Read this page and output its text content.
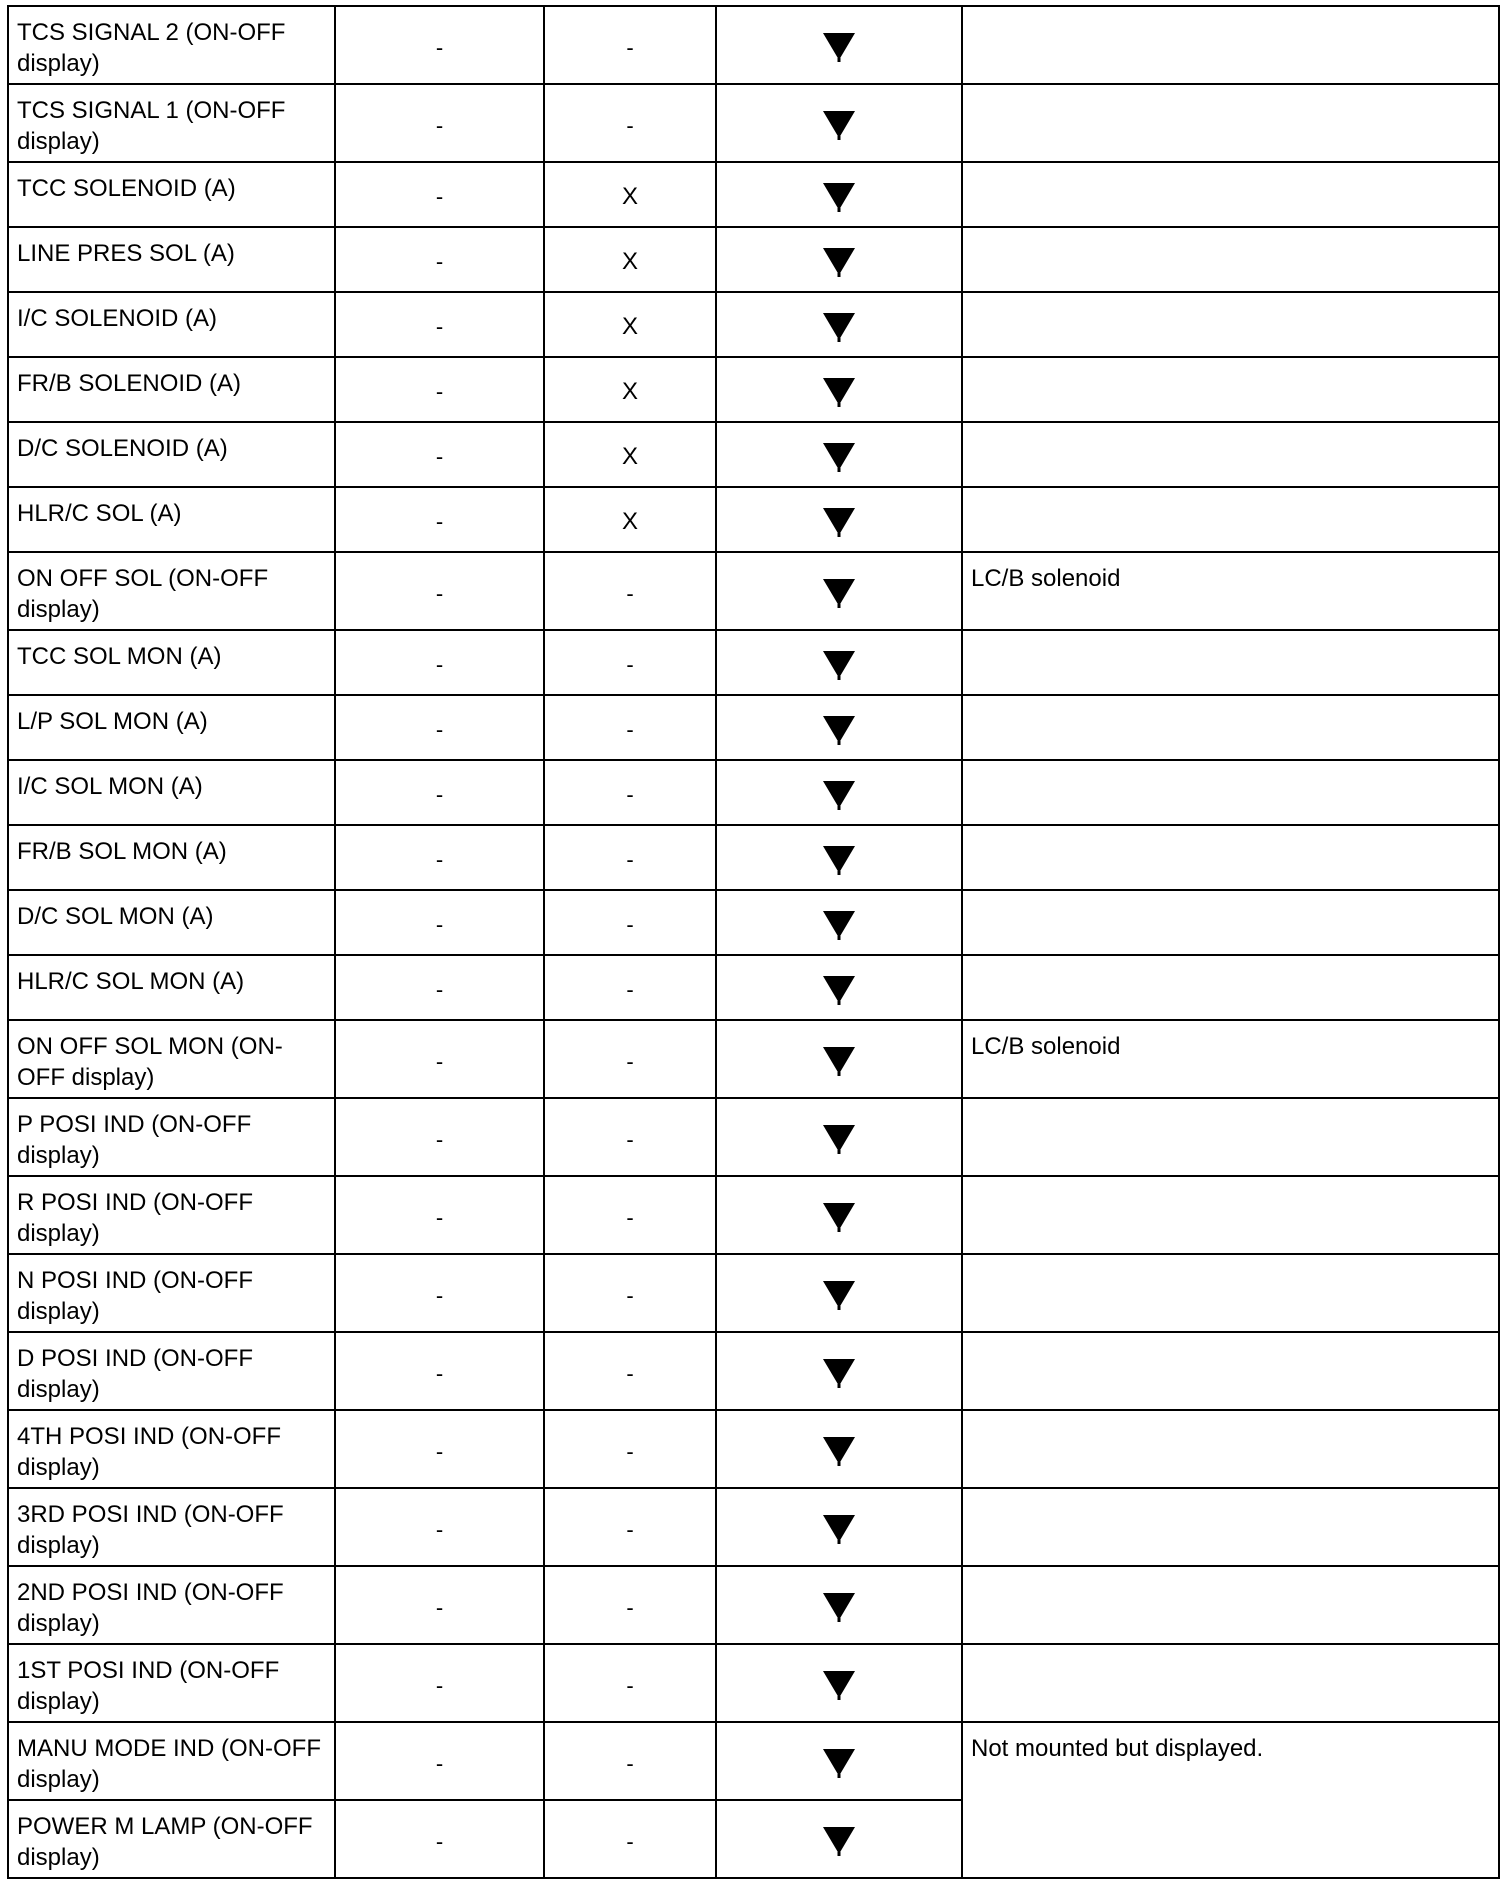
TCS SIGNAL 2 (ON-OFF display)	-	-	

TCS SIGNAL 1 (ON-OFF display)	-	-	

TCC SOLENOID (A)	-	X	

LINE PRES SOL (A)	-	X	

I/C SOLENOID (A)	-	X	

FR/B SOLENOID (A)	-	X	

D/C SOLENOID (A)	-	X	

HLR/C SOL (A)	-	X	

ON OFF SOL (ON-OFF display)	-	-		LC/B solenoid
TCC SOL MON (A)	-	-	

L/P SOL MON (A)	-	-	

I/C SOL MON (A)	-	-	

FR/B SOL MON (A)	-	-	

D/C SOL MON (A)	-	-	

HLR/C SOL MON (A)	-	-	

ON OFF SOL MON (ON-OFF display)	-	-		LC/B solenoid
P POSI IND (ON-OFF display)	-	-	

R POSI IND (ON-OFF display)	-	-	

N POSI IND (ON-OFF display)	-	-	

D POSI IND (ON-OFF display)	-	-	

4TH POSI IND (ON-OFF display)	-	-	

3RD POSI IND (ON-OFF display)	-	-	

2ND POSI IND (ON-OFF display)	-	-	

1ST POSI IND (ON-OFF display)	-	-	

MANU MODE IND (ON-OFF display)	-	-		Not mounted but displayed.
POWER M LAMP (ON-OFF display)	-	-	
